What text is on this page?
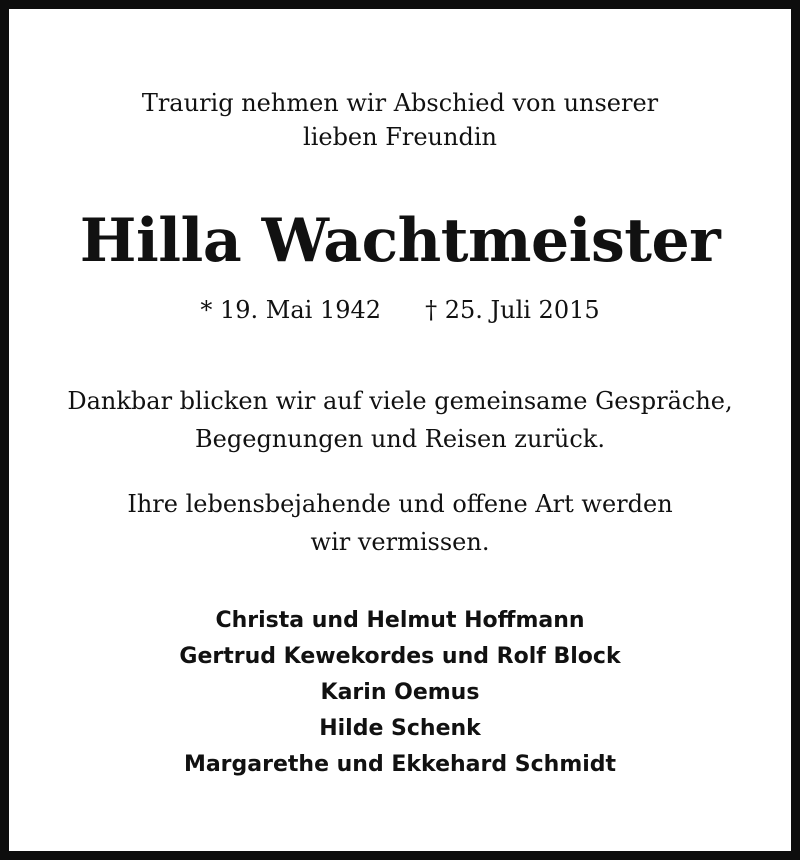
Traurig nehmen wir Abschied von unserer
lieben Freundin
Hilla Wachtmeister
* 19. Mai 1942 † 25. Juli 2015
Dankbar blicken wir auf viele gemeinsame Gespräche,
Begegnungen und Reisen zurück.
Ihre lebensbejahende und offene Art werden
wir vermissen.
Christa und Helmut Hoffmann
Gertrud Kewekordes und Rolf Block
Karin Oemus
Hilde Schenk
Margarethe und Ekkehard Schmidt
